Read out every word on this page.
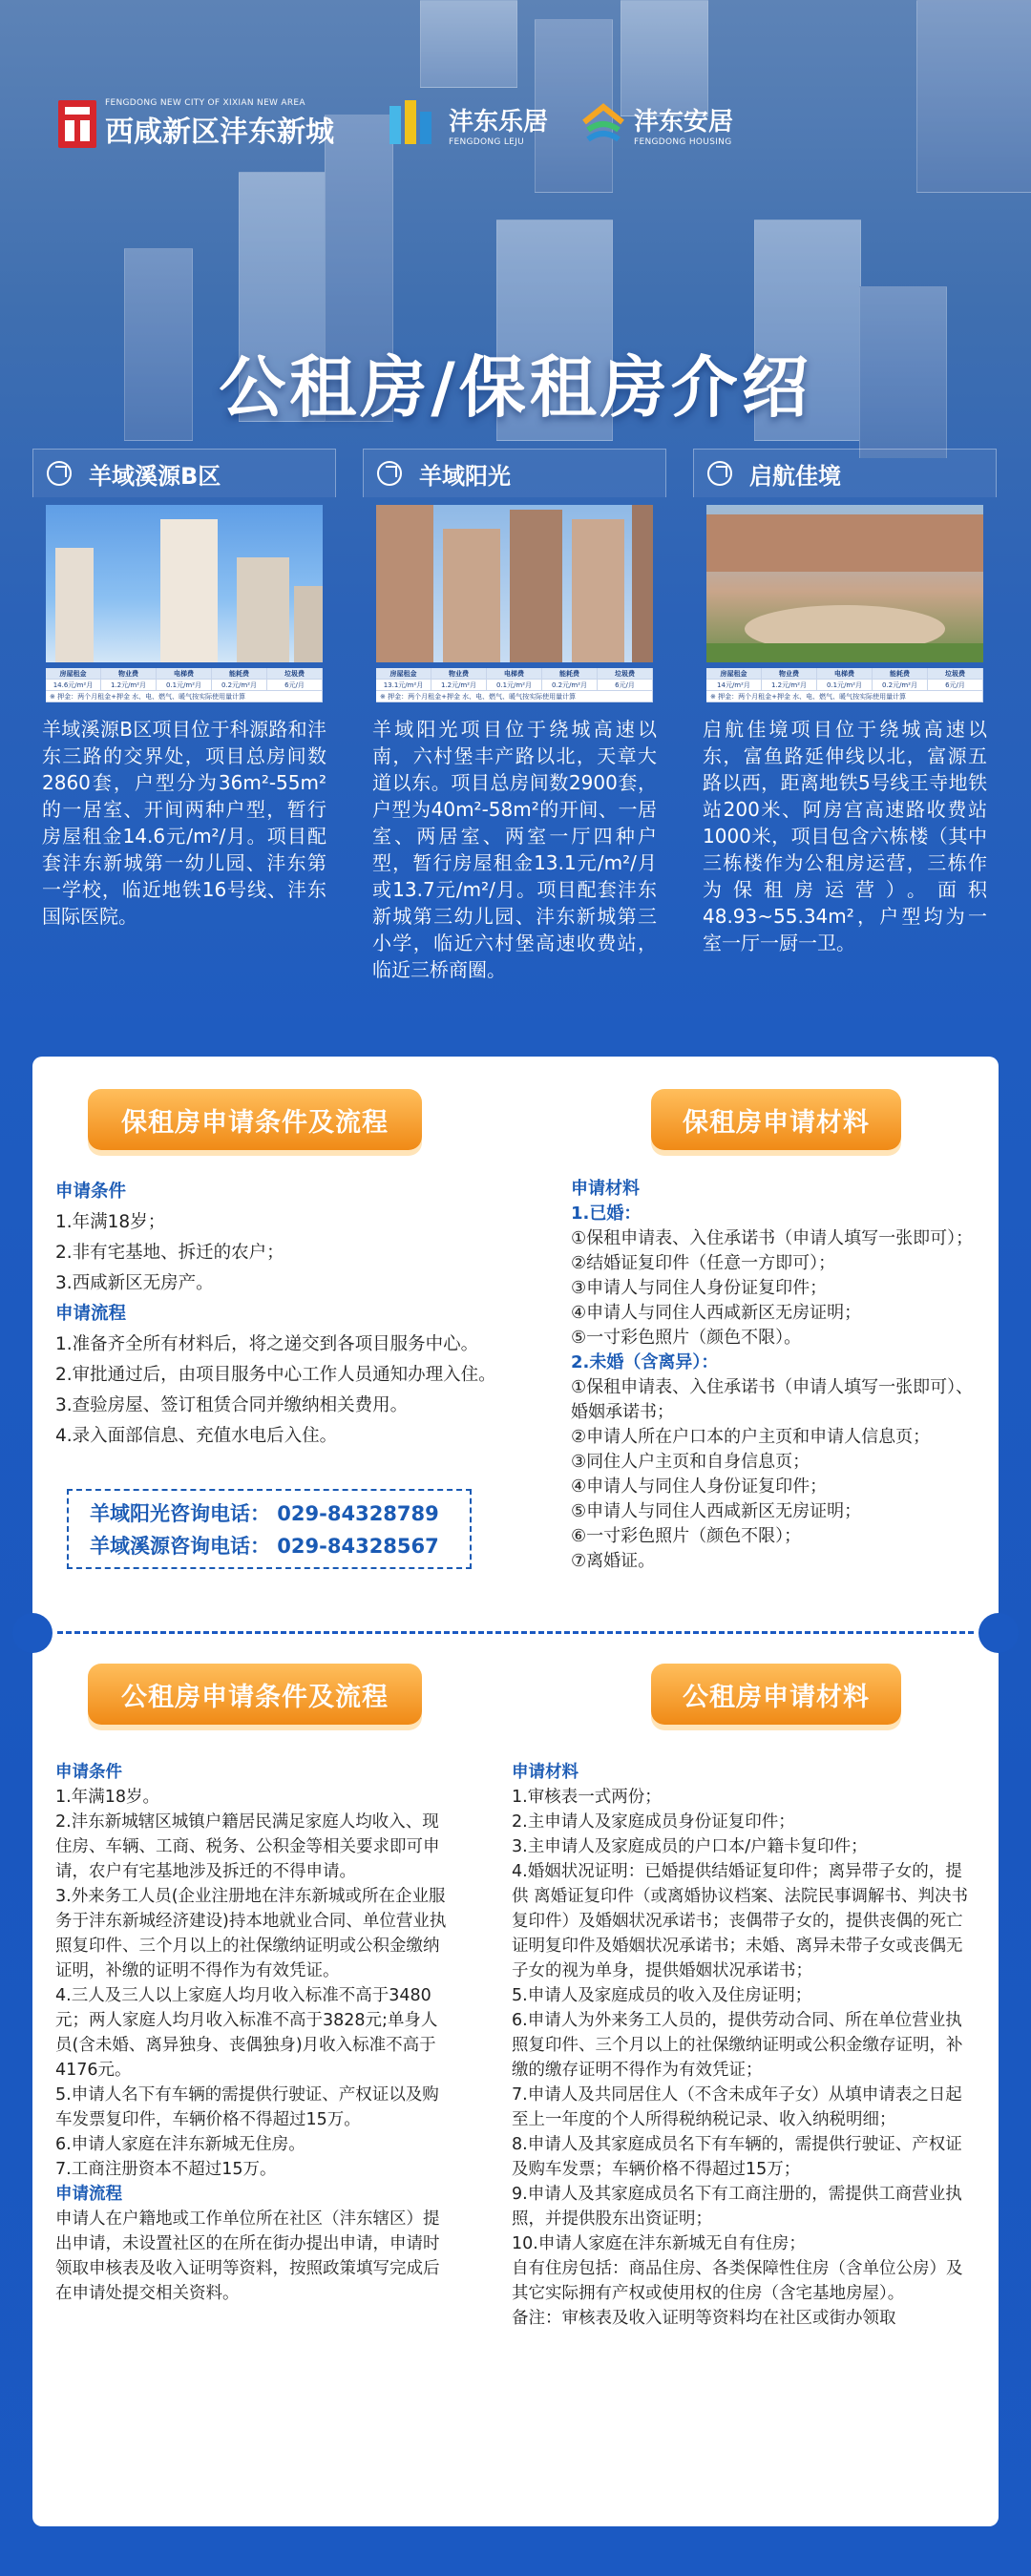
FENGDONG NEW CITY OF XIXIAN NEW AREA
西咸新区沣东新城	沣东乐居
FENGDONG LEJU
沣东安居
FENGDONG HOUSING
公租房/保租房介绍
羊域溪源B区
房屋租金	物业费	电梯费	能耗费	垃圾费
14.6元/m²月	1.2元/m²月	0.1元/m²月	0.2元/m²月	6元/月
※ 押金：两个月租金+押金 水、电、燃气、暖气按实际使用量计算
羊域溪源B区项目位于科源路和沣东三路的交界处，项目总房间数2860套，户型分为36m²-55m²的一居室、开间两种户型，暂行房屋租金14.6元/m²/月。项目配套沣东新城第一幼儿园、沣东第一学校，临近地铁16号线、沣东国际医院。
羊域阳光
房屋租金	物业费	电梯费	能耗费	垃圾费
13.1元/m²月	1.2元/m²月	0.1元/m²月	0.2元/m²月	6元/月
※ 押金：两个月租金+押金 水、电、燃气、暖气按实际使用量计算
羊域阳光项目位于绕城高速以南，六村堡丰产路以北，天章大道以东。项目总房间数2900套，户型为40m²-58m²的开间、一居室、两居室、两室一厅四种户型，暂行房屋租金13.1元/m²/月或13.7元/m²/月。项目配套沣东新城第三幼儿园、沣东新城第三小学，临近六村堡高速收费站，临近三桥商圈。
启航佳境
房屋租金	物业费	电梯费	能耗费	垃圾费
14元/m²月	1.2元/m²月	0.1元/m²月	0.2元/m²月	6元/月
※ 押金：两个月租金+押金 水、电、燃气、暖气按实际使用量计算
启航佳境项目位于绕城高速以东，富鱼路延伸线以北，富源五路以西，距离地铁5号线王寺地铁站200米、阿房宫高速路收费站1000米，项目包含六栋楼（其中三栋楼作为公租房运营，三栋作为保租房运营）。面积48.93~55.34m²，户型均为一室一厅一厨一卫。
保租房申请条件及流程	保租房申请材料

申请条件

1.年满18岁；

2.非有宅基地、拆迁的农户；

3.西咸新区无房产。

申请流程

1.准备齐全所有材料后，将之递交到各项目服务中心。

2.审批通过后，由项目服务中心工作人员通知办理入住。

3.查验房屋、签订租赁合同并缴纳相关费用。

4.录入面部信息、充值水电后入住。

羊域阳光咨询电话： 029-84328789
羊域溪源咨询电话： 029-84328567

申请材料

1.已婚：

①保租申请表、入住承诺书（申请人填写一张即可）；

②结婚证复印件（任意一方即可）；

③申请人与同住人身份证复印件；

④申请人与同住人西咸新区无房证明；

⑤一寸彩色照片（颜色不限）。

2.未婚（含离异）：

①保租申请表、入住承诺书（申请人填写一张即可）、婚姻承诺书；

②申请人所在户口本的户主页和申请人信息页；

③同住人户主页和自身信息页；

④申请人与同住人身份证复印件；

⑤申请人与同住人西咸新区无房证明；

⑥一寸彩色照片（颜色不限）；

⑦离婚证。

公租房申请条件及流程	公租房申请材料

申请条件

1.年满18岁。

2.沣东新城辖区城镇户籍居民满足家庭人均收入、现住房、车辆、工商、税务、公积金等相关要求即可申请，农户有宅基地涉及拆迁的不得申请。

3.外来务工人员(企业注册地在沣东新城或所在企业服务于沣东新城经济建设)持本地就业合同、单位营业执照复印件、三个月以上的社保缴纳证明或公积金缴纳证明，补缴的证明不得作为有效凭证。

4.三人及三人以上家庭人均月收入标准不高于3480元；两人家庭人均月收入标准不高于3828元;单身人员(含未婚、离异独身、丧偶独身)月收入标准不高于4176元。

5.申请人名下有车辆的需提供行驶证、产权证以及购车发票复印件，车辆价格不得超过15万。

6.申请人家庭在沣东新城无住房。

7.工商注册资本不超过15万。

申请流程

申请人在户籍地或工作单位所在社区（沣东辖区）提出申请，未设置社区的在所在街办提出申请，申请时领取申核表及收入证明等资料，按照政策填写完成后在申请处提交相关资料。

申请材料

1.审核表一式两份；

2.主申请人及家庭成员身份证复印件；

3.主申请人及家庭成员的户口本/户籍卡复印件；

4.婚姻状况证明：已婚提供结婚证复印件；离异带子女的，提供 离婚证复印件（或离婚协议档案、法院民事调解书、判决书复印件）及婚姻状况承诺书；丧偶带子女的，提供丧偶的死亡证明复印件及婚姻状况承诺书；未婚、离异未带子女或丧偶无子女的视为单身，提供婚姻状况承诺书；

5.申请人及家庭成员的收入及住房证明；

6.申请人为外来务工人员的，提供劳动合同、所在单位营业执照复印件、三个月以上的社保缴纳证明或公积金缴存证明，补缴的缴存证明不得作为有效凭证；

7.申请人及共同居住人（不含未成年子女）从填申请表之日起至上一年度的个人所得税纳税记录、收入纳税明细；

8.申请人及其家庭成员名下有车辆的，需提供行驶证、产权证及购车发票；车辆价格不得超过15万；

9.申请人及其家庭成员名下有工商注册的，需提供工商营业执照，并提供股东出资证明；

10.申请人家庭在沣东新城无自有住房；

自有住房包括：商品住房、各类保障性住房（含单位公房）及其它实际拥有产权或使用权的住房（含宅基地房屋）。

备注：审核表及收入证明等资料均在社区或街办领取
